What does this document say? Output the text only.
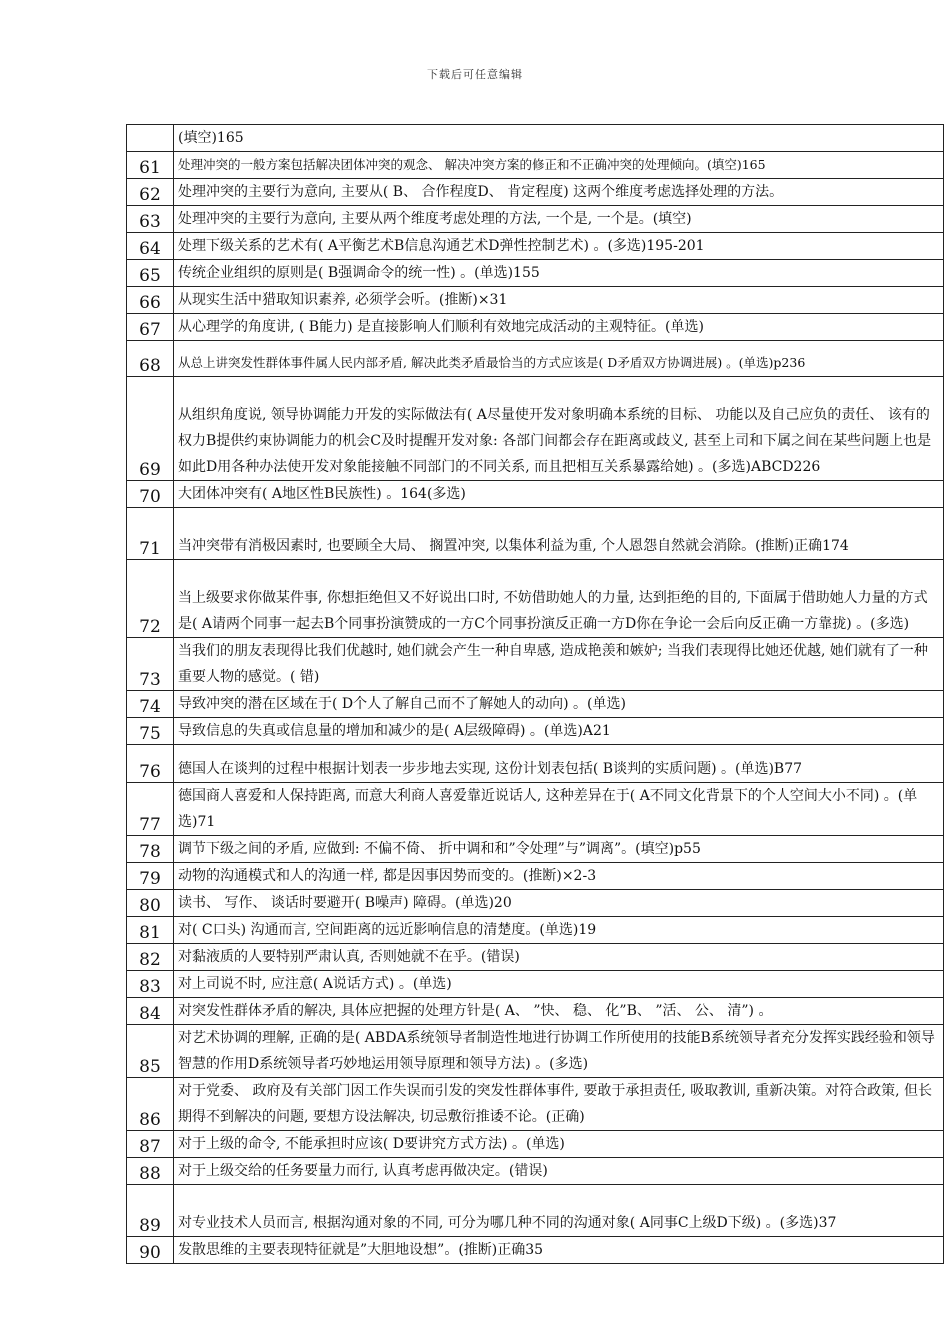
下载后可任意编辑
	(填空)165
61	处理冲突的一般方案包括解决团体冲突的观念、 解决冲突方案的修正和不正确冲突的处理倾向。(填空)165
62	处理冲突的主要行为意向, 主要从( B、 合作程度D、 肯定程度) 这两个维度考虑选择处理的方法。
63	处理冲突的主要行为意向, 主要从两个维度考虑处理的方法, 一个是, 一个是。(填空)
64	处理下级关系的艺术有( A平衡艺术B信息沟通艺术D弹性控制艺术) 。(多选)195-201
65	传统企业组织的原则是( B强调命令的统一性) 。(单选)155
66	从现实生活中猎取知识素养, 必须学会听。(推断)×31
67	从心理学的角度讲, ( B能力) 是直接影响人们顺利有效地完成活动的主观特征。(单选)
68	从总上讲突发性群体事件属人民内部矛盾, 解决此类矛盾最恰当的方式应该是( D矛盾双方协调进展) 。(单选)p236
69	从组织角度说, 领导协调能力开发的实际做法有( A尽量使开发对象明确本系统的目标、 功能以及自己应负的责任、 该有的权力B提供约束协调能力的机会C及时提醒开发对象: 各部门间都会存在距离或歧义, 甚至上司和下属之间在某些问题上也是如此D用各种办法使开发对象能接触不同部门的不同关系, 而且把相互关系暴露给她) 。(多选)ABCD226
70	大团体冲突有( A地区性B民族性) 。164(多选)
71	当冲突带有消极因素时, 也要顾全大局、 搁置冲突, 以集体利益为重, 个人恩怨自然就会消除。(推断)正确174
72	当上级要求你做某件事, 你想拒绝但又不好说出口时, 不妨借助她人的力量, 达到拒绝的目的, 下面属于借助她人力量的方式是( A请两个同事一起去B个同事扮演赞成的一方C个同事扮演反正确一方D你在争论一会后向反正确一方靠拢) 。(多选)
73	当我们的朋友表现得比我们优越时, 她们就会产生一种自卑感, 造成艳羡和嫉妒; 当我们表现得比她还优越, 她们就有了一种重要人物的感觉。( 错)
74	导致冲突的潜在区域在于( D个人了解自己而不了解她人的动向) 。(单选)
75	导致信息的失真或信息量的增加和减少的是( A层级障碍) 。(单选)A21
76	德国人在谈判的过程中根据计划表一步步地去实现, 这份计划表包括( B谈判的实质问题) 。(单选)B77
77	德国商人喜爱和人保持距离, 而意大利商人喜爱靠近说话人, 这种差异在于( A不同文化背景下的个人空间大小不同) 。(单选)71
78	调节下级之间的矛盾, 应做到: 不偏不倚、 折中调和和”令处理”与”调离”。(填空)p55
79	动物的沟通模式和人的沟通一样, 都是因事因势而变的。(推断)×2-3
80	读书、 写作、 谈话时要避开( B噪声) 障碍。(单选)20
81	对( C口头) 沟通而言, 空间距离的远近影响信息的清楚度。(单选)19
82	对黏液质的人要特别严肃认真, 否则她就不在乎。(错误)
83	对上司说不时, 应注意( A说话方式) 。(单选)
84	对突发性群体矛盾的解决, 具体应把握的处理方针是( A、 ”快、 稳、 化”B、 ”活、 公、 清”) 。
85	对艺术协调的理解, 正确的是( ABDA系统领导者制造性地进行协调工作所使用的技能B系统领导者充分发挥实践经验和领导智慧的作用D系统领导者巧妙地运用领导原理和领导方法) 。(多选)
86	对于党委、 政府及有关部门因工作失误而引发的突发性群体事件, 要敢于承担责任, 吸取教训, 重新决策。对符合政策, 但长期得不到解决的问题, 要想方设法解决, 切忌敷衍推诿不论。(正确)
87	对于上级的命令, 不能承担时应该( D要讲究方式方法) 。(单选)
88	对于上级交给的任务要量力而行, 认真考虑再做决定。(错误)
89	对专业技术人员而言, 根据沟通对象的不同, 可分为哪几种不同的沟通对象( A同事C上级D下级) 。(多选)37
90	发散思维的主要表现特征就是”大胆地设想”。(推断)正确35
